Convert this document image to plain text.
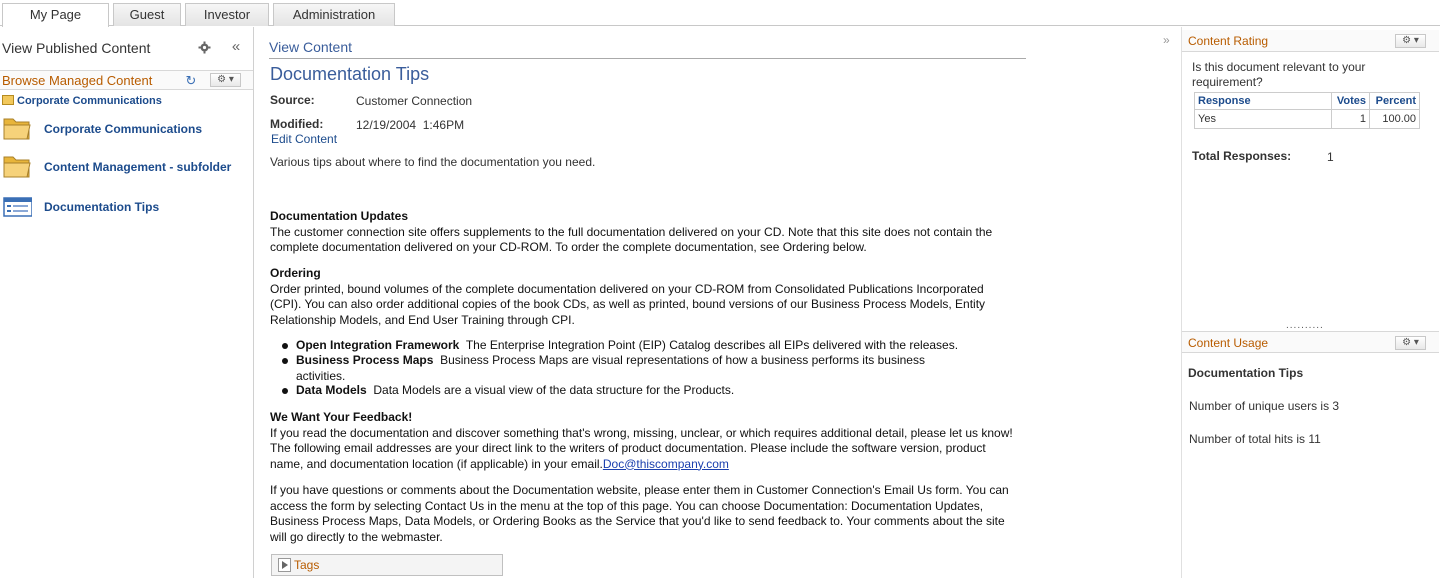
My Page	Guest	Investor	Administration
View Published Content	«
Browse Managed Content	↻	⚙ ▾
Corporate Communications
Corporate Communications
Content Management - subfolder
Documentation Tips
View Content
Documentation Tips
Source:	Customer Connection
Modified:	12/19/2004  1:46PM
Edit Content
Various tips about where to find the documentation you need.
Documentation Updates
The customer connection site offers supplements to the full documentation delivered on your CD. Note that this site does not contain the complete documentation delivered on your CD-ROM. To order the complete documentation, see Ordering below.
Ordering
Order printed, bound volumes of the complete documentation delivered on your CD-ROM from Consolidated Publications Incorporated (CPI). You can also order additional copies of the book CDs, as well as printed, bound versions of our Business Process Models, Entity Relationship Models, and End User Training through CPI.
Open Integration Framework The Enterprise Integration Point (EIP) Catalog describes all EIPs delivered with the releases.
Business Process Maps Business Process Maps are visual representations of how a business performs its business activities.
Data Models Data Models are a visual view of the data structure for the Products.
We Want Your Feedback!
If you read the documentation and discover something that's wrong, missing, unclear, or which requires additional detail, please let us know! The following email addresses are your direct link to the writers of product documentation. Please include the software version, product name, and documentation location (if applicable) in your email.Doc@thiscompany.com
If you have questions or comments about the Documentation website, please enter them in Customer Connection's Email Us form. You can access the form by selecting Contact Us in the menu at the top of this page. You can choose Documentation: Documentation Updates, Business Process Maps, Data Models, or Ordering Books as the Service that you'd like to send feedback to. Your comments about the site will go directly to the webmaster.
Tags
» Content Rating	⚙ ▾
Is this document relevant to your requirement?
Response	Votes	Percent
Yes	1	100.00
Total Responses:	1
..........
Content Usage	⚙ ▾
Documentation Tips
Number of unique users is 3
Number of total hits is 11
